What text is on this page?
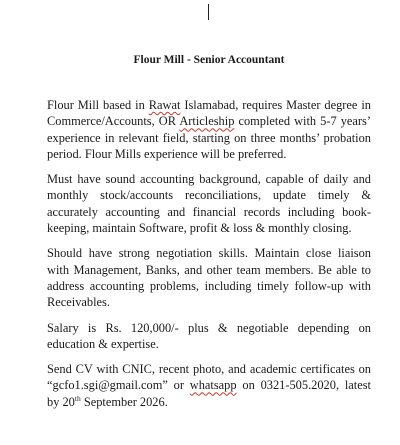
Flour Mill - Senior Accountant

Flour Mill based in Rawat Islamabad, requires Master degree in Commerce/Accounts, OR Articleship completed with 5-7 years’ experience in relevant field, starting on three months’ probation period. Flour Mills experience will be preferred.

Must have sound accounting background, capable of daily and monthly stock/accounts reconciliations, update timely & accurately accounting and financial records including book-keeping, maintain Software, profit & loss & monthly closing.

Should have strong negotiation skills. Maintain close liaison with Management, Banks, and other team members. Be able to address accounting problems, including timely follow-up with Receivables.

Salary is Rs. 120,000/- plus & negotiable depending on education & expertise.

Send CV with CNIC, recent photo, and academic certificates on “gcfo1.sgi@gmail.com” or whatsapp on 0321-505.2020, latest by 20th September 2026.
